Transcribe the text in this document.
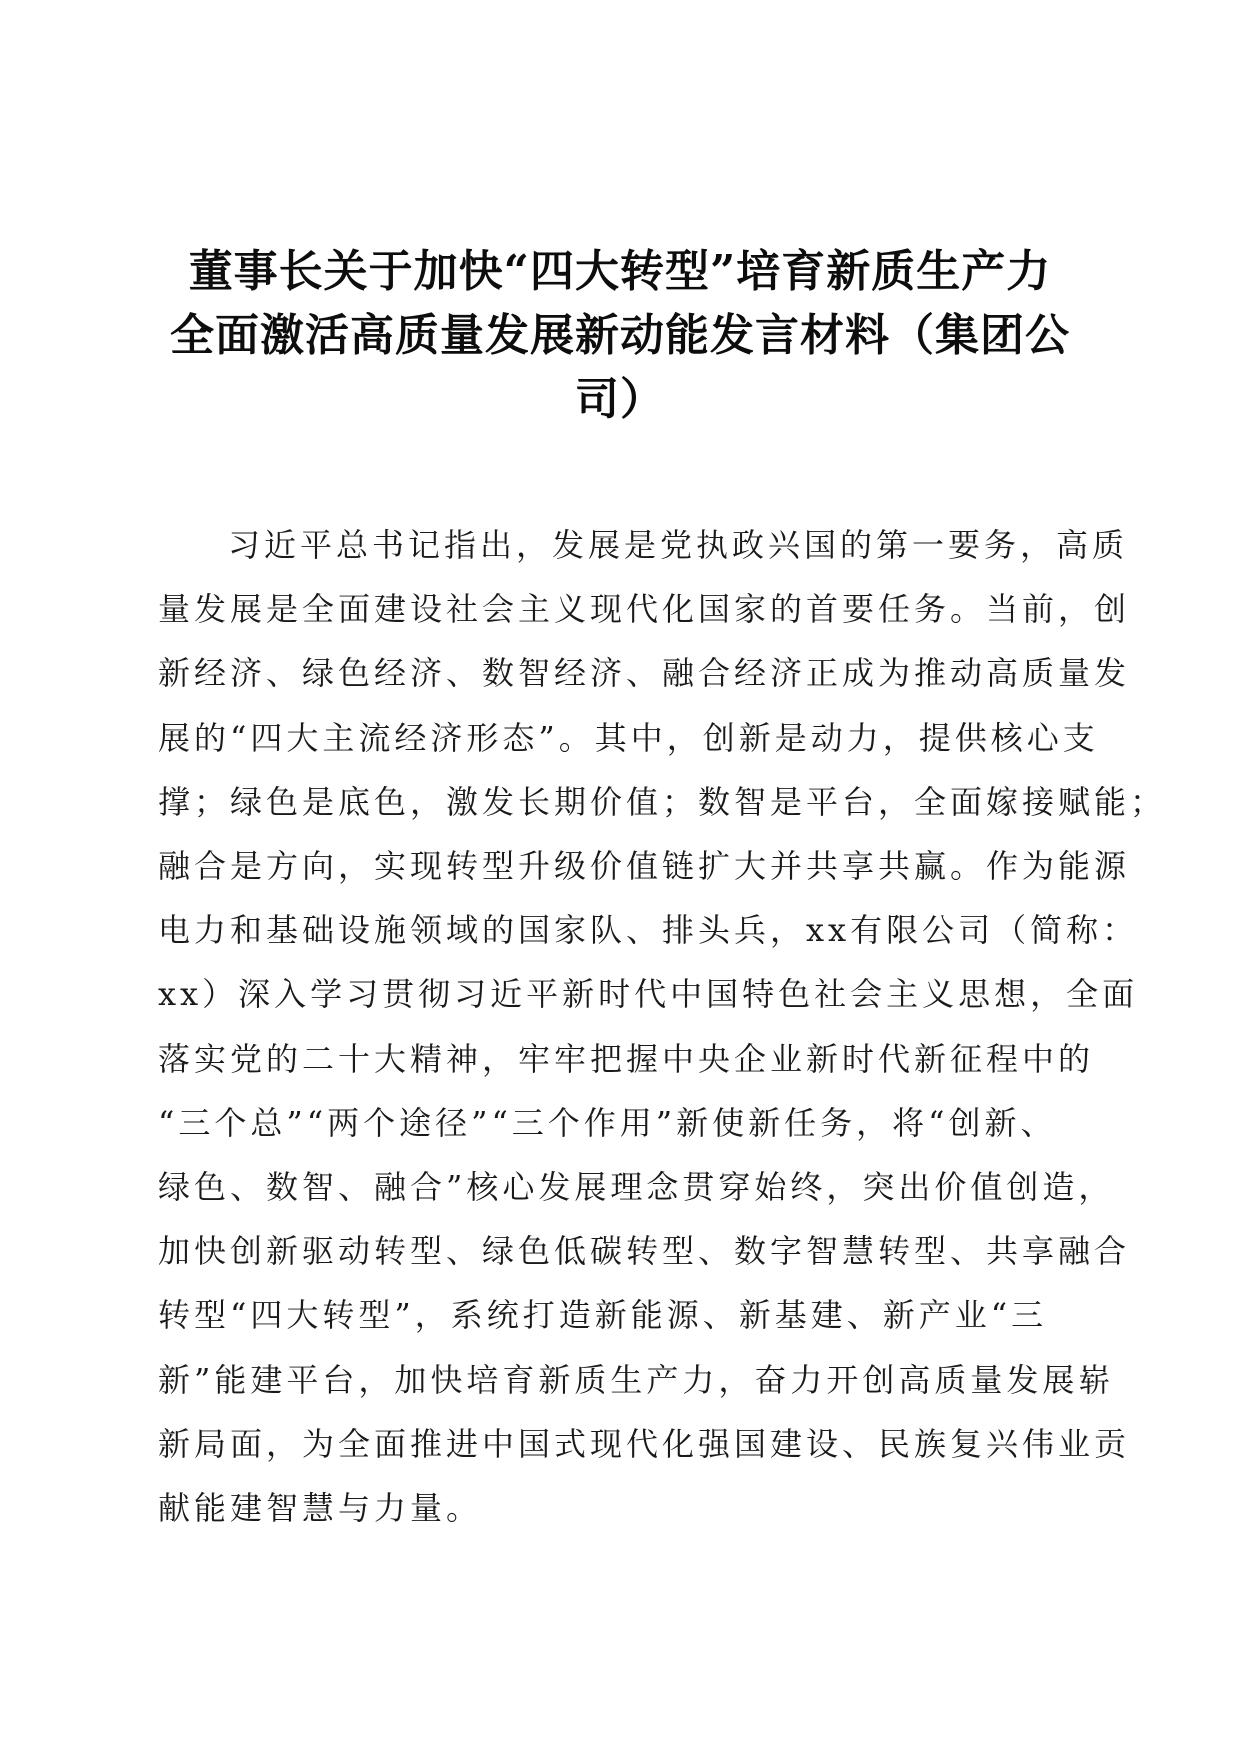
董事长关于加快“四大转型”培育新质生产力
全面激活高质量发展新动能发言材料（集团公
司）
习近平总书记指出，发展是党执政兴国的第一要务，高质
量发展是全面建设社会主义现代化国家的首要任务。当前，创
新经济、绿色经济、数智经济、融合经济正成为推动高质量发
展的“四大主流经济形态”。其中，创新是动力，提供核心支
撑；绿色是底色，激发长期价值；数智是平台，全面嫁接赋能；
融合是方向，实现转型升级价值链扩大并共享共赢。作为能源
电力和基础设施领域的国家队、排头兵，xx有限公司（简称：
xx）深入学习贯彻习近平新时代中国特色社会主义思想，全面
落实党的二十大精神，牢牢把握中央企业新时代新征程中的
“三个总”“两个途径”“三个作用”新使新任务，将“创新、
绿色、数智、融合”核心发展理念贯穿始终，突出价值创造，
加快创新驱动转型、绿色低碳转型、数字智慧转型、共享融合
转型“四大转型”，系统打造新能源、新基建、新产业“三
新”能建平台，加快培育新质生产力，奋力开创高质量发展崭
新局面，为全面推进中国式现代化强国建设、民族复兴伟业贡
献能建智慧与力量。
